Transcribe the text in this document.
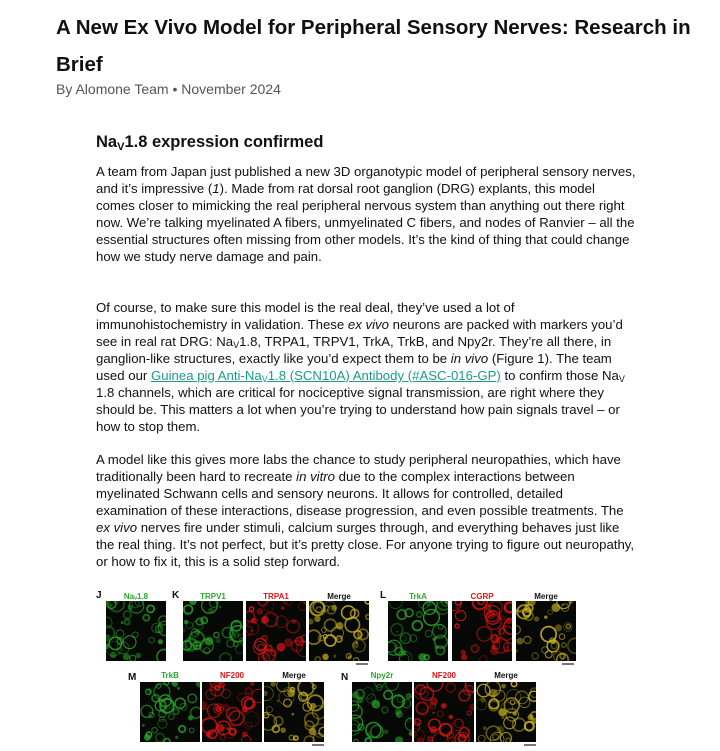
A New Ex Vivo Model for Peripheral Sensory Nerves: Research in Brief
By Alomone Team • November 2024
$Na_V1.8$ expression confirmed

A team from Japan just published a new 3D organotypic model of peripheral sensory nerves, and it’s impressive (1). Made from rat dorsal root ganglion (DRG) explants, this model comes closer to mimicking the real peripheral nervous system than anything out there right now. We’re talking myelinated A fibers, unmyelinated C fibers, and nodes of Ranvier – all the essential structures often missing from other models. It’s the kind of thing that could change how we study nerve damage and pain.

Of course, to make sure this model is the real deal, they’ve used a lot of immunohistochemistry in validation. These ex vivo neurons are packed with markers you’d see in real rat DRG: $Na_V1.8$, TRPA1, TRPV1, TrkA, TrkB, and Npy2r. They’re all there, in ganglion-like structures, exactly like you’d expect them to be in vivo (Figure 1). The team used our Guinea pig Anti-$Na_V1.8$ (SCN10A) Antibody (#ASC-016-GP) to confirm those $Na_V$ 1.8 channels, which are critical for nociceptive signal transmission, are right where they should be. This matters a lot when you’re trying to understand how pain signals travel – or how to stop them.

A model like this gives more labs the chance to study peripheral neuropathies, which have traditionally been hard to recreate in vitro due to the complex interactions between myelinated Schwann cells and sensory neurons. It allows for controlled, detailed examination of these interactions, disease progression, and even possible treatments. The ex vivo nerves fire under stimuli, calcium surges through, and everything behaves just like the real thing. It’s not perfect, but it’s pretty close. For anyone trying to figure out neuropathy, or how to fix it, this is a solid step forward.

J	K	L
M	N
Naᵥ1.8	TRPV1	TRPA1	Merge	TrkA	CGRP	Merge
TrkB	NF200	Merge	Npy2r	NF200	Merge
